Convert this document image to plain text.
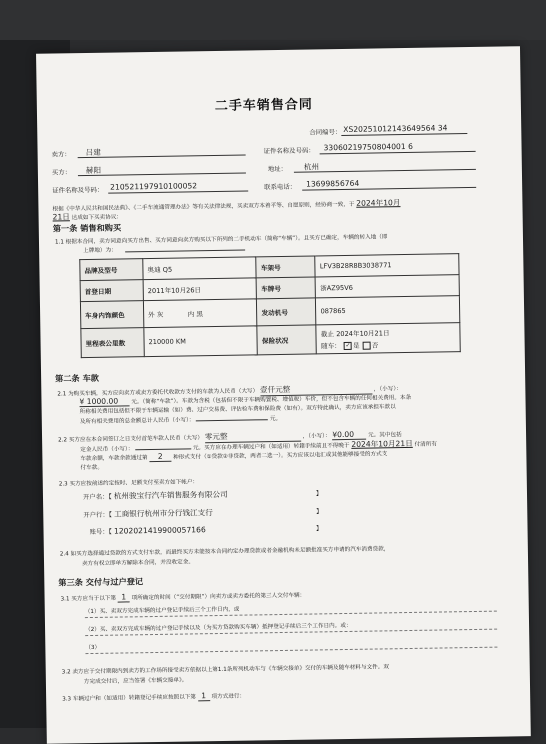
二手车销售合同
合同编号： XS20251012143649564 34
卖方： 吕建	证件名称及号码： 33060219750804001 6
买方： 赫阳	地址： 杭州
证件名称及号码： 210521197910100052	联系电话： 13699856764
根据《中华人民共和国民法典》、《二手车流通管理办法》等有关法律法规，买卖双方本着平等、自愿原则，经协商一致，于 2024年10月
21日 达成如下买卖协议：
第一条 销售和购买
1.1 根据本合同，卖方同意向买方出售、买方同意向卖方购买以下所列的二手机动车（简称“车辆”）。且买方已确定，车辆的转入地（即
上牌地）为：
品牌及型号	奥迪 Q5	车架号	LFV3B28R8B3038771
首登日期	2011年10月26日	车牌号	浙AZ95V6
车身内饰颜色	外 灰 内 黑	发动机号	087865
里程表公里数	210000 KM	保险状况	截止 2024年10月21日
随车： ✓ 是 否
第二条 车款
2.1 为购买车辆，买方应向卖方或卖方委托代收款方支付的车款为人民币（大写） 壹仟元整	，（小写）：
¥ 1000.00 元。（简称“车款”）。车款为含税（包括但不限于车辆购置税、增值税）车价，但不包含车辆的任何相关费用。本条
所称相关费用包括但不限于车辆运输（如）费、过户交易费、评估检车费和保险费（如有）。双方特此确认，卖方应该承担车款以
及所有相关费用的总金额总计人民币（小写）：	元。
2.2 买方应在本合同签订之日支付首笔车款人民币（大写） 零元整	，（小写）： ¥0.00 元。其中包括
定金人民币（小写）：	元。买方应在办理车辆过户和（如适用）转籍手续前且不得晚于 2024年10月21日 付清所有
车款余额，车款余款通过第 2 种形式支付（①贷款②非贷款，两者二选一）。买方应该以电汇或其他能够接受的方式支
付车款。
2.3 买方应按前述约定按时、足额支付至卖方如下帐户：
开户名：【 杭州骏宝行汽车销售服务有限公司	】
开户行：【 工商银行杭州市分行钱江支行	】
账号：【 1202021419900057166	】
2.4 如买方选择通过贷款的方式支付车款，而最终买方未能按本合同约定办理贷款或者金融机构未足额批准买方申请的汽车消费贷款，
卖方有权立即单方解除本合同，并没收定金。
第三条 交付与过户登记
3.1 买方应当于以下第 1 项所确定的时间（“交付期限”）向卖方或卖方委托的第三人交付车辆：
（1）买、卖双方完成车辆的过户登记手续后三个工作日内，或
（2）买、卖双方完成车辆的过户登记手续以及（为买方贷款购买车辆）抵押登记手续后三个工作日内。或：
（3）
3.2 卖方应于交付期限内到卖方的工作场所接受卖方依据以上第1.1条所列机动车与《车辆交接单》交付的车辆及随车材料与文件。双
方完成交付后，应当签署《车辆交接单》。
3.3 车辆过户和（如适用）转籍登记手续应按照以下第 1 项方式进行：
